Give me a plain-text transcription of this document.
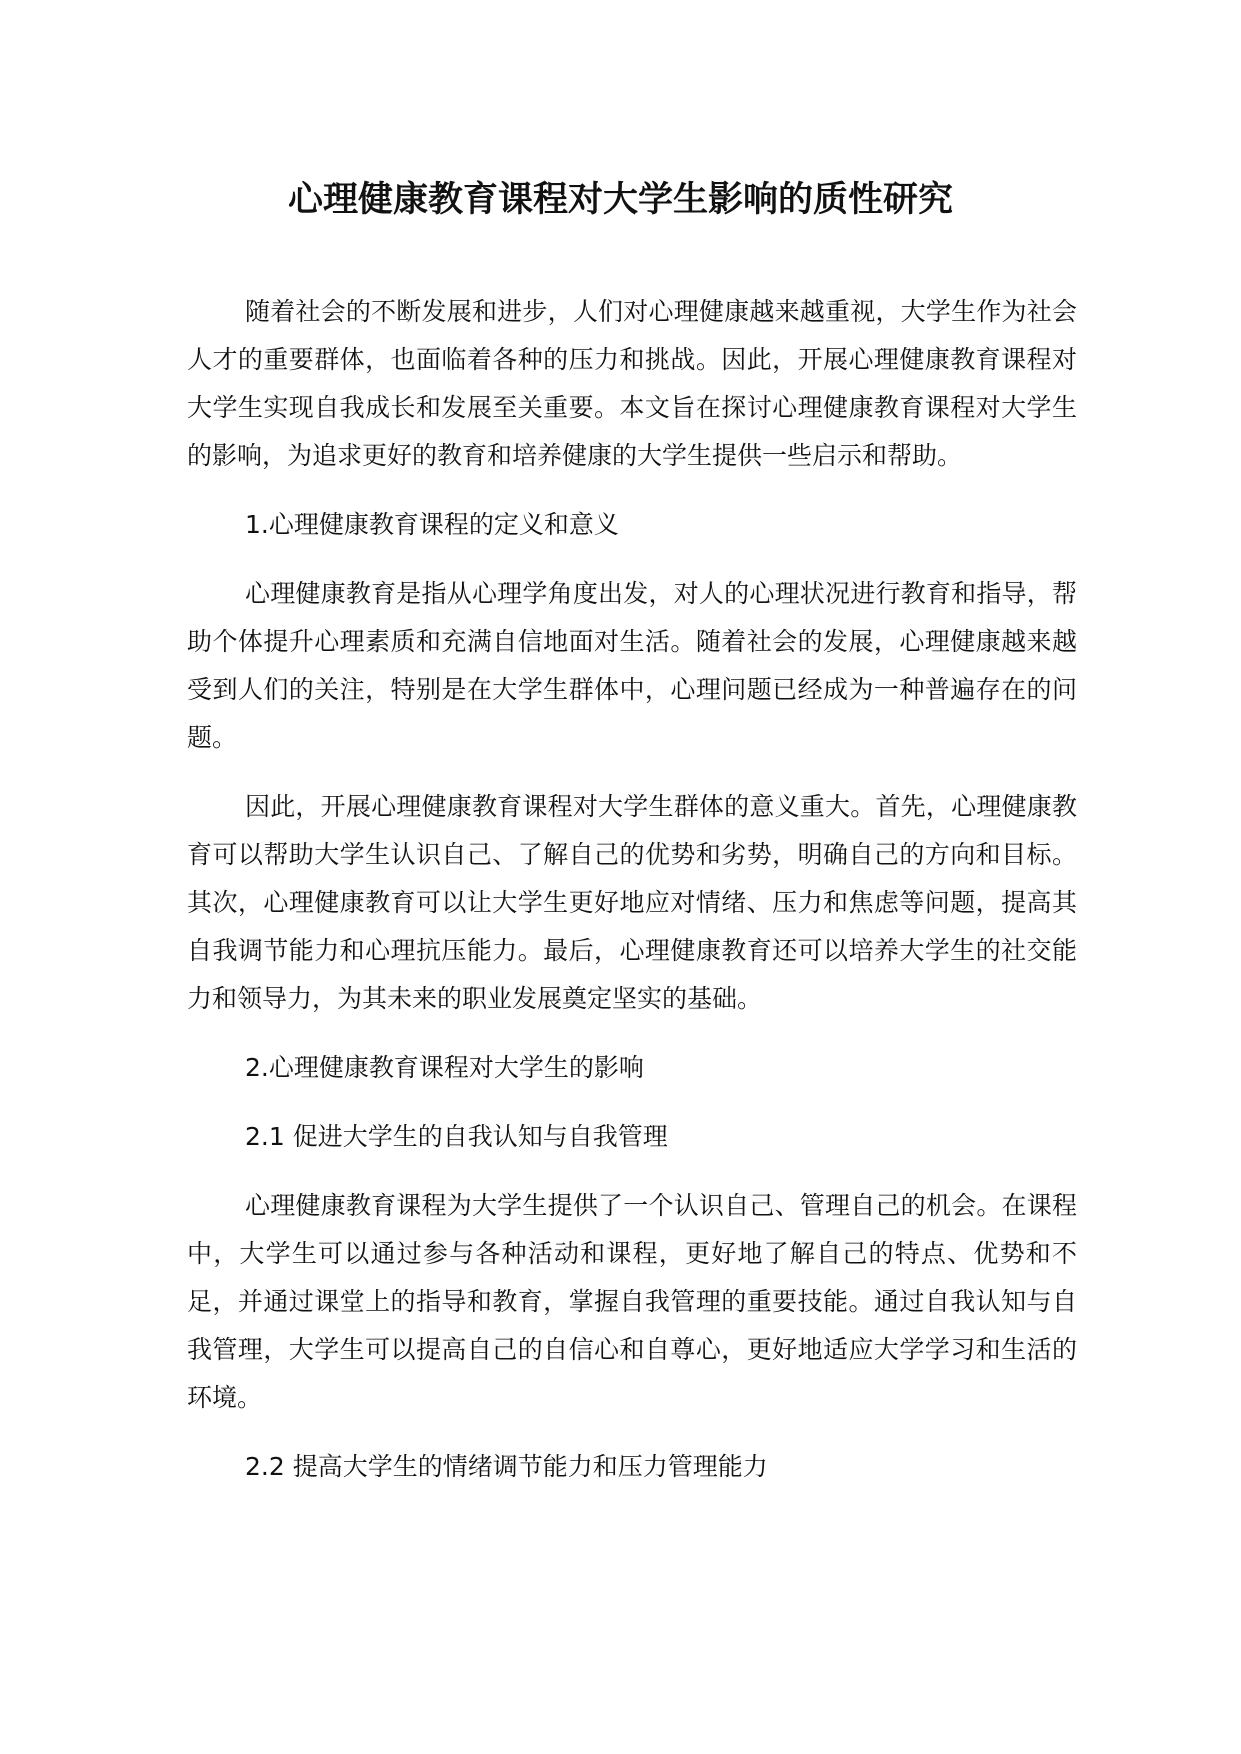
心理健康教育课程对大学生影响的质性研究

随着社会的不断发展和进步，人们对心理健康越来越重视，大学生作为社会人才的重要群体，也面临着各种的压力和挑战。因此，开展心理健康教育课程对大学生实现自我成长和发展至关重要。本文旨在探讨心理健康教育课程对大学生的影响，为追求更好的教育和培养健康的大学生提供一些启示和帮助。

1.心理健康教育课程的定义和意义

心理健康教育是指从心理学角度出发，对人的心理状况进行教育和指导，帮助个体提升心理素质和充满自信地面对生活。随着社会的发展，心理健康越来越受到人们的关注，特别是在大学生群体中，心理问题已经成为一种普遍存在的问题。

因此，开展心理健康教育课程对大学生群体的意义重大。首先，心理健康教育可以帮助大学生认识自己、了解自己的优势和劣势，明确自己的方向和目标。其次，心理健康教育可以让大学生更好地应对情绪、压力和焦虑等问题，提高其自我调节能力和心理抗压能力。最后，心理健康教育还可以培养大学生的社交能力和领导力，为其未来的职业发展奠定坚实的基础。

2.心理健康教育课程对大学生的影响

2.1 促进大学生的自我认知与自我管理

心理健康教育课程为大学生提供了一个认识自己、管理自己的机会。在课程中，大学生可以通过参与各种活动和课程，更好地了解自己的特点、优势和不足，并通过课堂上的指导和教育，掌握自我管理的重要技能。通过自我认知与自我管理，大学生可以提高自己的自信心和自尊心，更好地适应大学学习和生活的环境。

2.2 提高大学生的情绪调节能力和压力管理能力
